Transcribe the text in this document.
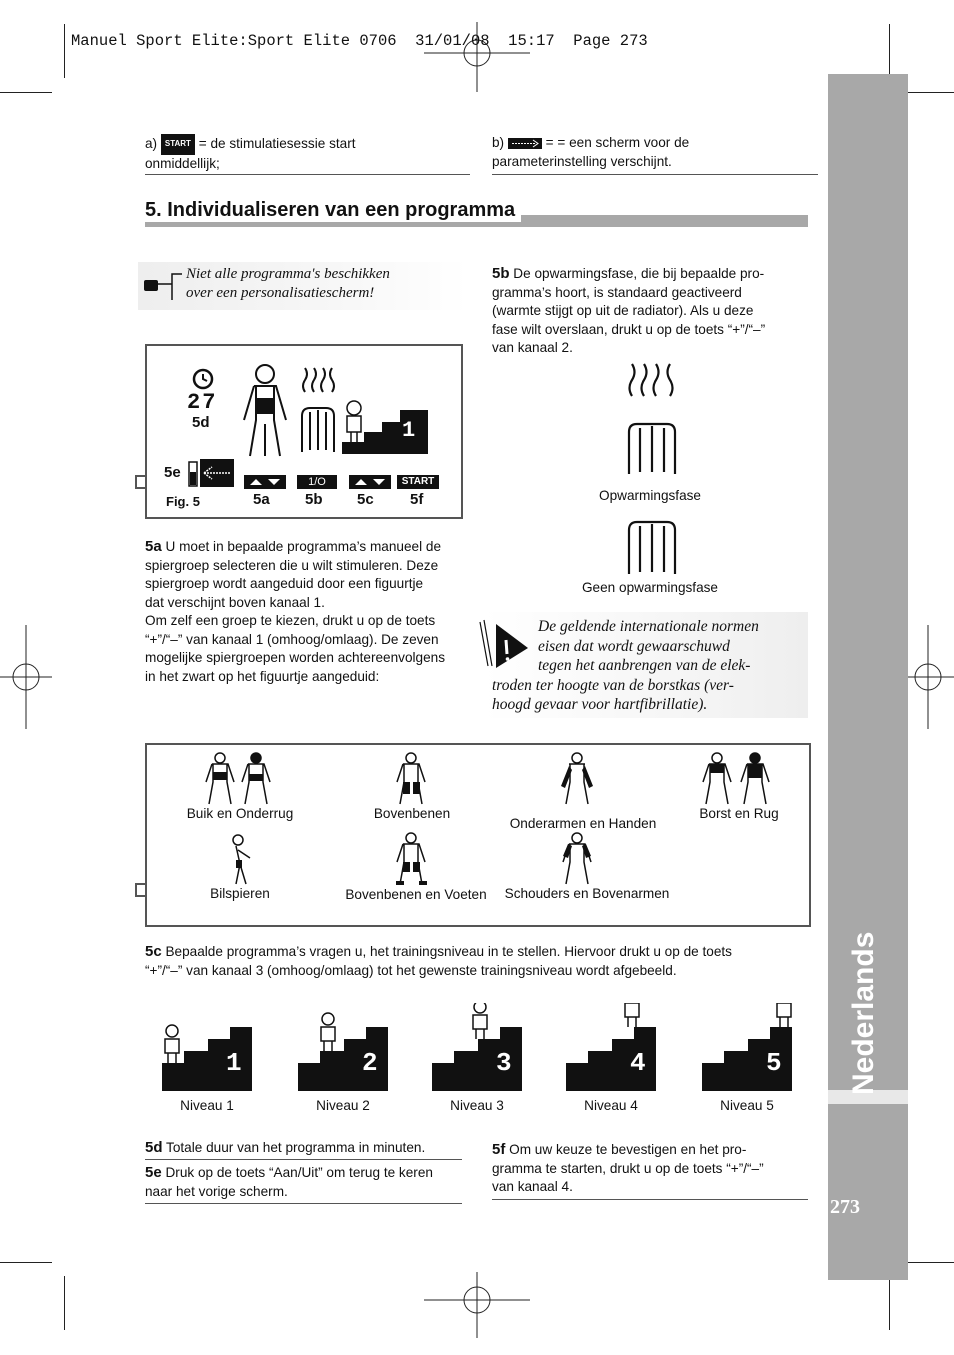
Manuel Sport Elite:Sport Elite 0706  31/01/08  15:17  Page 273
Nederlands
273
a) START = de stimulatiesessie start
onmiddellijk;
b)	= = een scherm voor de
parameterinstelling verschijnt.
5. Individualiseren van een programma
Niet alle programma's beschikken
over een personalisatiescherm!
27
5d	1
5e
Fig. 5
1/O	START
5a 5b 5c 5f
5a U moet in bepaalde programma’s manueel de
spiergroep selecteren die u wilt stimuleren. Deze
spiergroep wordt aangeduid door een figuurtje
dat verschijnt boven kanaal 1.
Om zelf een groep te kiezen, drukt u op de toets
“+”/“–” van kanaal 1 (omhoog/omlaag). De zeven
mogelijke spiergroepen worden achtereenvolgens
in het zwart op het figuurtje aangeduid:
5b De opwarmingsfase, die bij bepaalde pro-
gramma’s hoort, is standaard geactiveerd
(warmte stijgt op uit de radiator). Als u deze
fase wilt overslaan, drukt u op de toets “+”/“–”
van kanaal 2.
Opwarmingsfase
Geen opwarmingsfase
De geldende internationale normen
eisen dat wordt gewaarschuwd
tegen het aanbrengen van de elek-
troden ter hoogte van de borstkas (ver-
hoogd gevaar voor hartfibrillatie).
Buik en Onderrug	Bovenbenen
Onderarmen en Handen
Borst en Rug
Bilspieren	Bovenbenen en Voeten	Schouders en Bovenarmen
5c Bepaalde programma’s vragen u, het trainingsniveau in te stellen. Hiervoor drukt u op de toets
“+”/“–” van kanaal 3 (omhoog/omlaag) tot het gewenste trainingsniveau wordt afgebeeld.
1
Niveau 1
2
Niveau 2
3
Niveau 3
4
Niveau 4
5
Niveau 5
5d Totale duur van het programma in minuten.
5e Druk op de toets “Aan/Uit” om terug te keren
naar het vorige scherm.
5f Om uw keuze te bevestigen en het pro-
gramma te starten, drukt u op de toets “+”/“–”
van kanaal 4.
